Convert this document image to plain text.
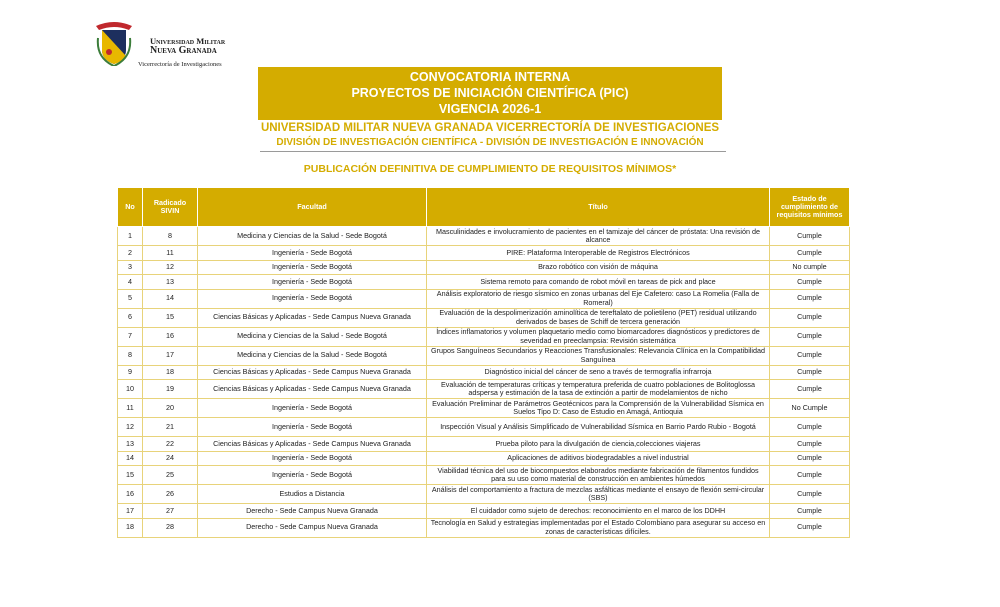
Universidad Militar
Nueva Granada
Vicerrectoría de Investigaciones
CONVOCATORIA INTERNA
PROYECTOS DE INICIACIÓN CIENTÍFICA (PIC)
VIGENCIA 2026-1
UNIVERSIDAD MILITAR NUEVA GRANADA VICERRECTORÍA DE INVESTIGACIONES
DIVISIÓN DE INVESTIGACIÓN CIENTÍFICA - DIVISIÓN DE INVESTIGACIÓN E INNOVACIÓN
PUBLICACIÓN DEFINITIVA DE CUMPLIMIENTO DE REQUISITOS MÍNIMOS*
No	Radicado SIVIN	Facultad	Título	Estado de cumplimiento de requisitos mínimos
1	8	Medicina y Ciencias de la Salud - Sede Bogotá	Masculinidades e involucramiento de pacientes en el tamizaje del cáncer de próstata: Una revisión de alcance	Cumple
2	11	Ingeniería - Sede Bogotá	PIRE: Plataforma Interoperable de Registros Electrónicos	Cumple
3	12	Ingeniería - Sede Bogotá	Brazo robótico con visión de máquina	No cumple
4	13	Ingeniería - Sede Bogotá	Sistema remoto para comando de robot móvil en tareas de pick and place	Cumple
5	14	Ingeniería - Sede Bogotá	Análisis exploratorio de riesgo sísmico en zonas urbanas del Eje Cafetero: caso La Romelia (Falla de Romeral)	Cumple
6	15	Ciencias Básicas y Aplicadas - Sede Campus Nueva Granada	Evaluación de la despolimerización aminolítica de tereftalato de polietileno (PET) residual utilizando derivados de bases de Schiff de tercera generación	Cumple
7	16	Medicina y Ciencias de la Salud - Sede Bogotá	Índices inflamatorios y volumen plaquetario medio como biomarcadores diagnósticos y predictores de severidad en preeclampsia: Revisión sistemática	Cumple
8	17	Medicina y Ciencias de la Salud - Sede Bogotá	Grupos Sanguíneos Secundarios y Reacciones Transfusionales: Relevancia Clínica en la Compatibilidad Sanguínea	Cumple
9	18	Ciencias Básicas y Aplicadas - Sede Campus Nueva Granada	Diagnóstico inicial del cáncer de seno a través de termografía infrarroja	Cumple
10	19	Ciencias Básicas y Aplicadas - Sede Campus Nueva Granada	Evaluación de temperaturas críticas y temperatura preferida de cuatro poblaciones de Bolitoglossa adspersa y estimación de la tasa de extinción a partir de modelamientos de nicho	Cumple
11	20	Ingeniería - Sede Bogotá	Evaluación Preliminar de Parámetros Geotécnicos para la Comprensión de la Vulnerabilidad Sísmica en Suelos Tipo D: Caso de Estudio en Amagá, Antioquia	No Cumple
12	21	Ingeniería - Sede Bogotá	Inspección Visual y Análisis Simplificado de Vulnerabilidad Sísmica en Barrio Pardo Rubio - Bogotá	Cumple
13	22	Ciencias Básicas y Aplicadas - Sede Campus Nueva Granada	Prueba piloto para la divulgación de ciencia,colecciones viajeras	Cumple
14	24	Ingeniería - Sede Bogotá	Aplicaciones de aditivos biodegradables a nivel industrial	Cumple
15	25	Ingeniería - Sede Bogotá	Viabilidad técnica del uso de biocompuestos elaborados mediante fabricación de filamentos fundidos para su uso como material de construcción en ambientes húmedos	Cumple
16	26	Estudios a Distancia	Análisis del comportamiento a fractura de mezclas asfálticas mediante el ensayo de flexión semi-circular (SBS)	Cumple
17	27	Derecho - Sede Campus Nueva Granada	El cuidador como sujeto de derechos: reconocimiento en el marco de los DDHH	Cumple
18	28	Derecho - Sede Campus Nueva Granada	Tecnología en Salud y estrategias implementadas por el Estado Colombiano para asegurar su acceso en zonas de características difíciles.	Cumple
